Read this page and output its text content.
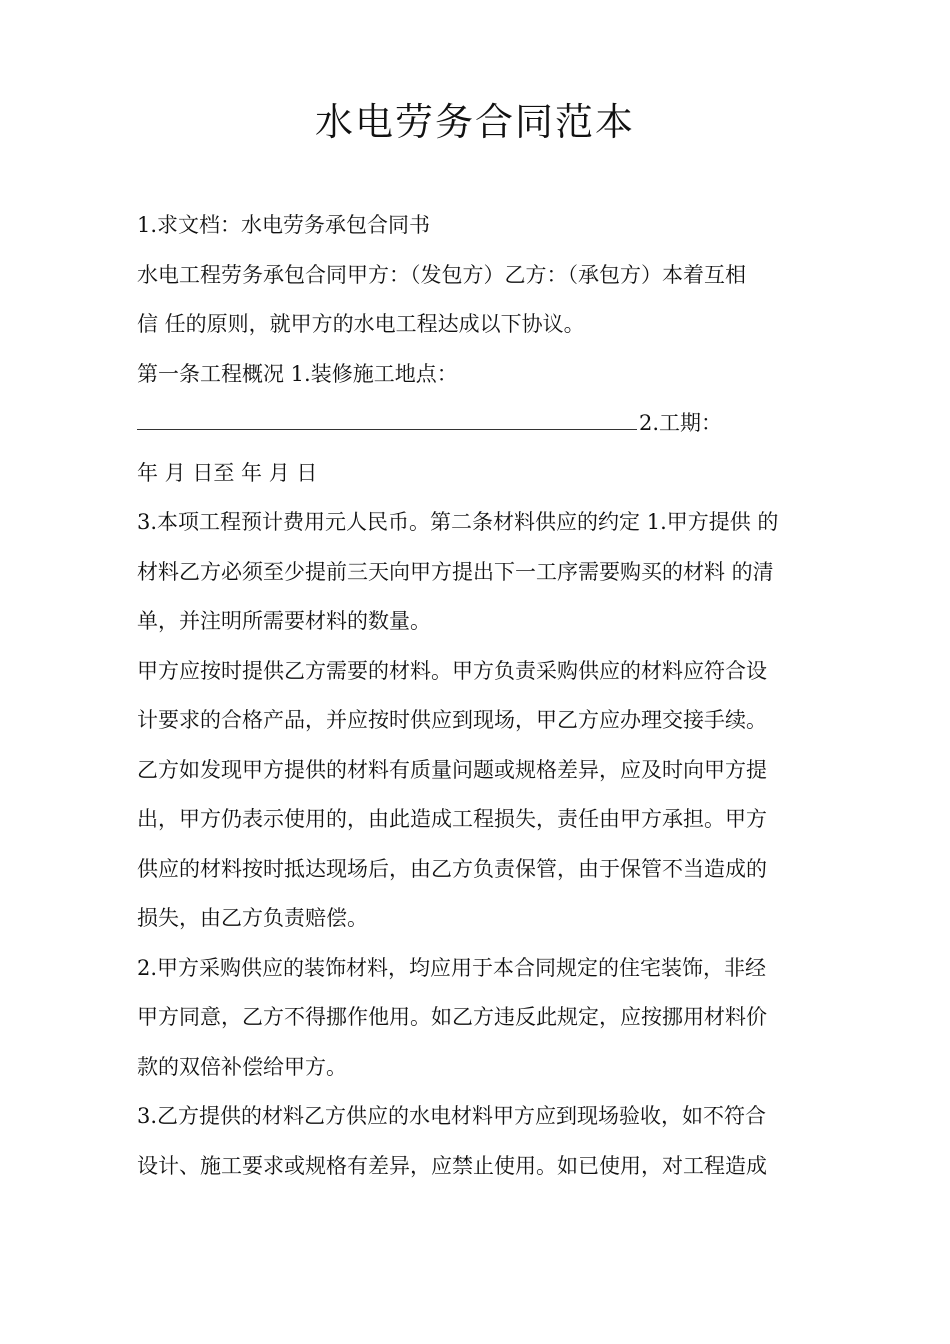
水电劳务合同范本

1.求文档：水电劳务承包合同书

水电工程劳务承包合同甲方：（发包方）乙方：（承包方）本着互相

信 任的原则，就甲方的水电工程达成以下协议。

第一条工程概况 1.装修施工地点：

2.工期：

年 月 日至 年 月 日

3.本项工程预计费用元人民币。第二条材料供应的约定 1.甲方提供 的

材料乙方必须至少提前三天向甲方提出下一工序需要购买的材料 的清

单，并注明所需要材料的数量。

甲方应按时提供乙方需要的材料。甲方负责采购供应的材料应符合设

计要求的合格产品，并应按时供应到现场，甲乙方应办理交接手续。

乙方如发现甲方提供的材料有质量问题或规格差异，应及时向甲方提

出，甲方仍表示使用的，由此造成工程损失，责任由甲方承担。甲方

供应的材料按时抵达现场后，由乙方负责保管，由于保管不当造成的

损失，由乙方负责赔偿。

2.甲方采购供应的装饰材料，均应用于本合同规定的住宅装饰，非经

甲方同意，乙方不得挪作他用。如乙方违反此规定，应按挪用材料价

款的双倍补偿给甲方。

3.乙方提供的材料乙方供应的水电材料甲方应到现场验收，如不符合

设计、施工要求或规格有差异，应禁止使用。如已使用，对工程造成
